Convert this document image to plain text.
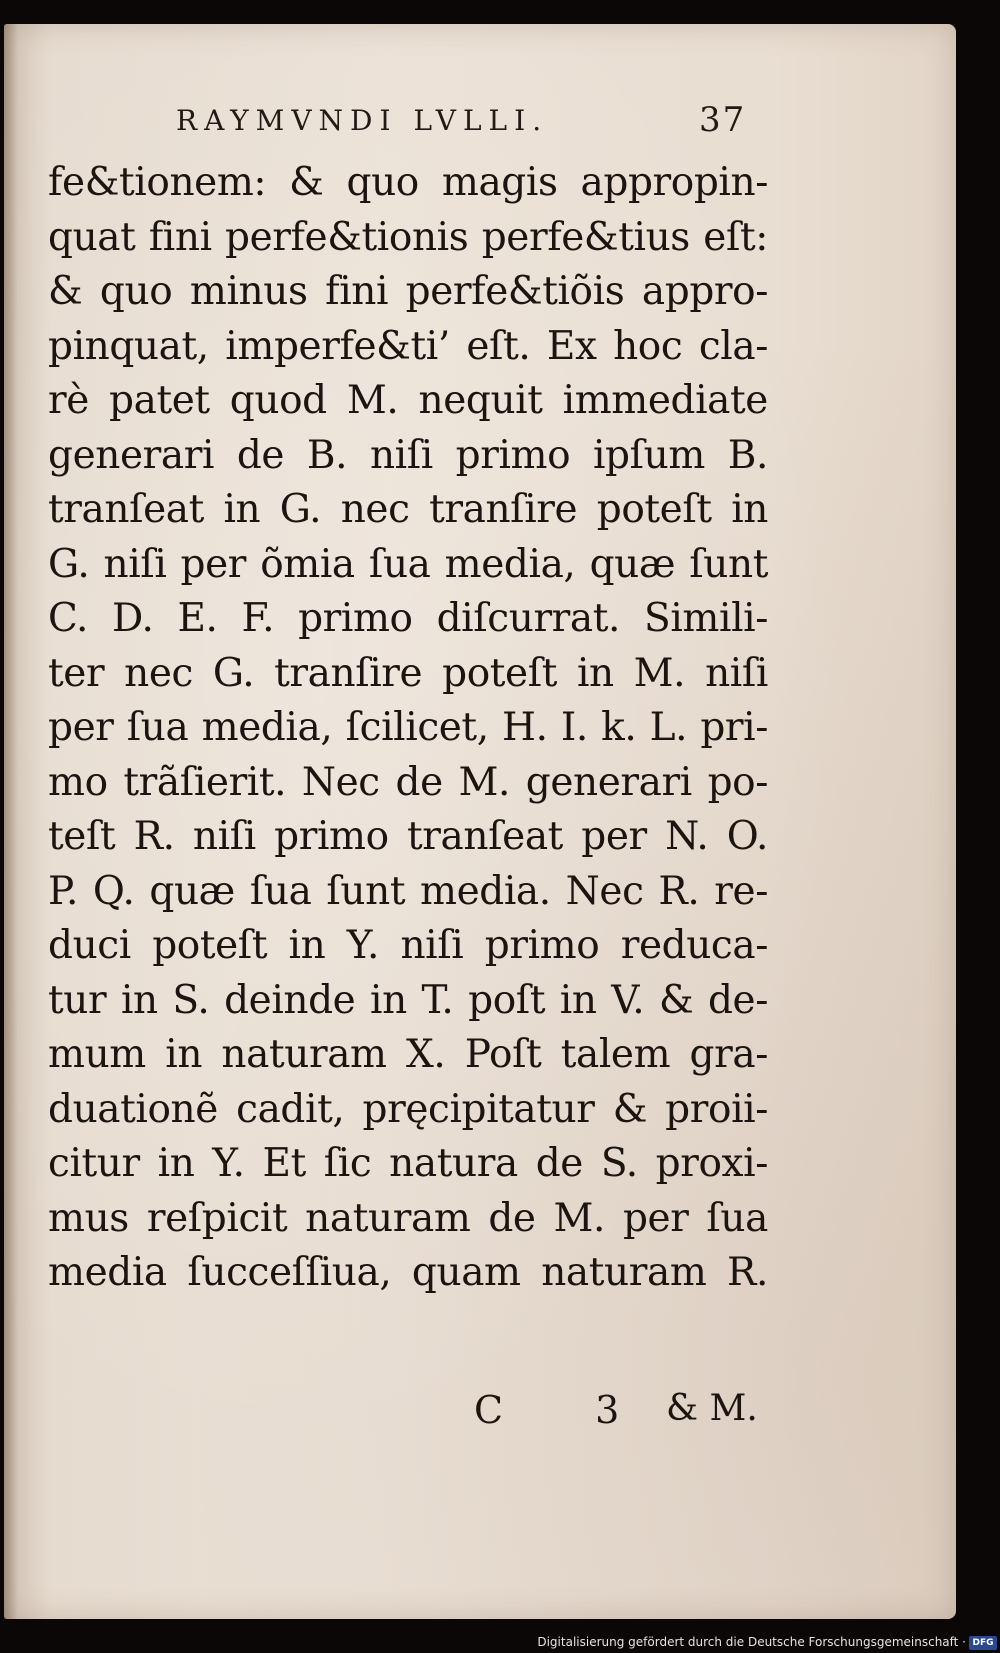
RAYMVNDI LVLLI.	37
fe&tionem: & quo magis appropin-
quat fini perfe&tionis perfe&tius eſt:
& quo minus fini perfe&tiõis appro-
pinquat, imperfe&ti’ eſt. Ex hoc cla-
rè patet quod M. nequit immediate
generari de B. niſi primo ipſum B.
tranſeat in G. nec tranſire poteſt in
G. niſi per õmia ſua media, quæ ſunt
C. D. E. F. primo diſcurrat. Simili-
ter nec G. tranſire poteſt in M. niſi
per ſua media, ſcilicet, H. I. k. L. pri-
mo trãſierit. Nec de M. generari po-
teſt R. niſi primo tranſeat per N. O.
P. Q. quæ ſua ſunt media. Nec R. re-
duci poteſt in Y. niſi primo reduca-
tur in S. deinde in T. poſt in V. & de-
mum in naturam X. Poſt talem gra-
duationẽ cadit, pręcipitatur & proii-
citur in Y. Et ſic natura de S. proxi-
mus reſpicit naturam de M. per ſua
media ſucceſſiua, quam naturam R.
C 3 & M.
Digitalisierung gefördert durch die Deutsche Forschungsgemeinschaft · DFG
